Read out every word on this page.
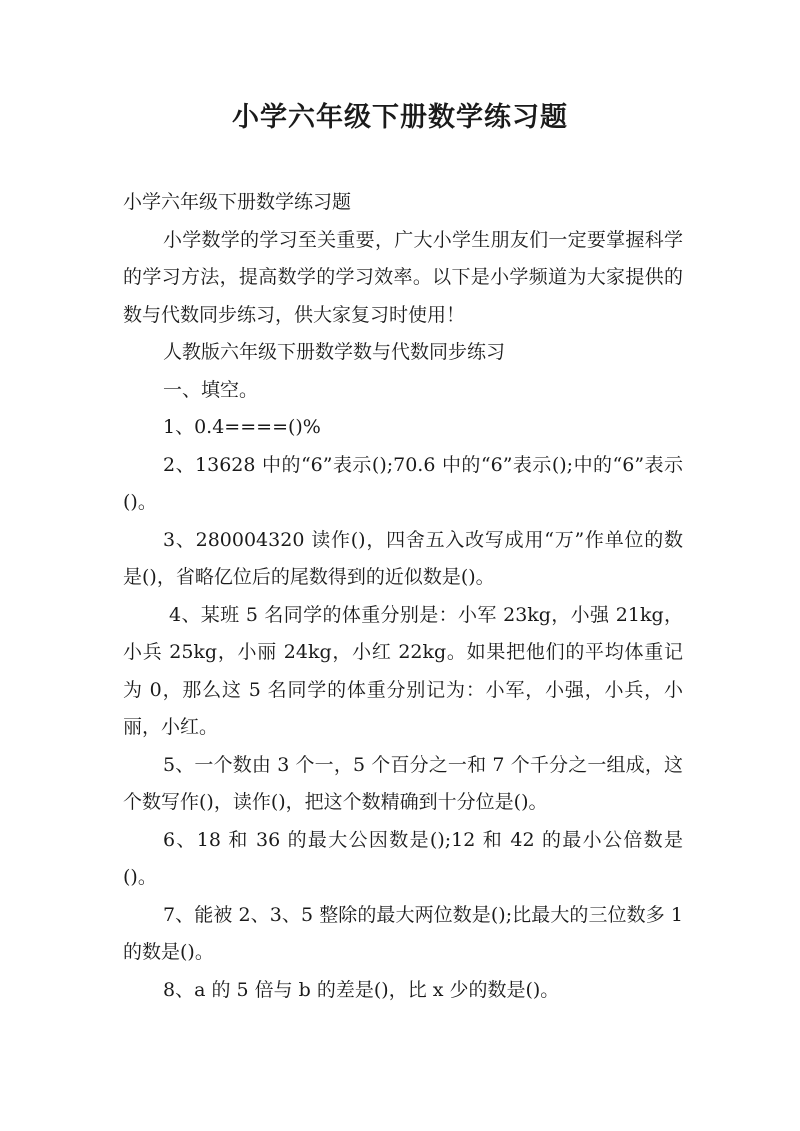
小学六年级下册数学练习题

小学六年级下册数学练习题

小学数学的学习至关重要，广大小学生朋友们一定要掌握科学的学习方法，提高数学的学习效率。以下是小学频道为大家提供的数与代数同步练习，供大家复习时使用！

人教版六年级下册数学数与代数同步练习

一、填空。

1、0.4====()%

2、13628 中的“6”表示();70.6 中的“6”表示();中的“6”表示()。

3、280004320 读作()，四舍五入改写成用“万”作单位的数是()，省略亿位后的尾数得到的近似数是()。

4、某班 5 名同学的体重分别是：小军 23kg，小强 21kg，小兵 25kg，小丽 24kg，小红 22kg。如果把他们的平均体重记为 0，那么这 5 名同学的体重分别记为：小军，小强，小兵，小丽，小红。

5、一个数由 3 个一，5 个百分之一和 7 个千分之一组成，这个数写作()，读作()，把这个数精确到十分位是()。

6、18 和 36 的最大公因数是();12 和 42 的最小公倍数是()。

7、能被 2、3、5 整除的最大两位数是();比最大的三位数多 1 的数是()。

8、a 的 5 倍与 b 的差是()，比 x 少的数是()。
